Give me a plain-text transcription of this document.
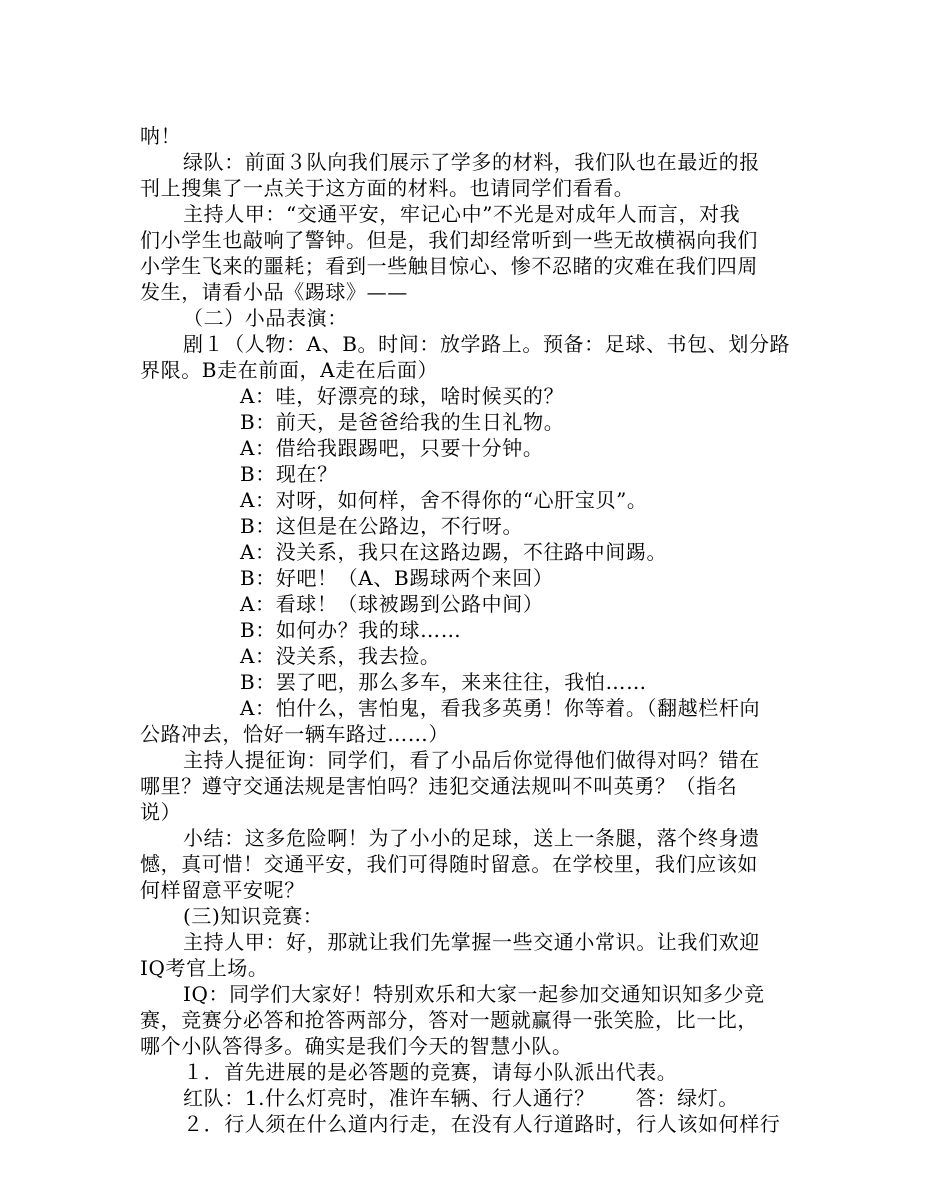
呐！
绿队：前面３队向我们展示了学多的材料，我们队也在最近的报
刊上搜集了一点关于这方面的材料。也请同学们看看。
主持人甲：“交通平安，牢记心中”不光是对成年人而言，对我
们小学生也敲响了警钟。但是，我们却经常听到一些无故横祸向我们
小学生飞来的噩耗；看到一些触目惊心、惨不忍睹的灾难在我们四周
发生，请看小品《踢球》——
（二）小品表演：
剧１（人物：A、B。时间：放学路上。预备：足球、书包、划分路
界限。B走在前面，A走在后面）
A：哇，好漂亮的球，啥时候买的？
B：前天，是爸爸给我的生日礼物。
A：借给我跟踢吧，只要十分钟。
B：现在？
A：对呀，如何样，舍不得你的“心肝宝贝”。
B：这但是在公路边，不行呀。
A：没关系，我只在这路边踢，不往路中间踢。
B：好吧！（A、B踢球两个来回）
A：看球！（球被踢到公路中间）
B：如何办？我的球……
A：没关系，我去捡。
B：罢了吧，那么多车，来来往往，我怕……
A：怕什么，害怕鬼，看我多英勇！你等着。（翻越栏杆向
公路冲去，恰好一辆车路过……）
主持人提征询：同学们，看了小品后你觉得他们做得对吗？错在
哪里？遵守交通法规是害怕吗？违犯交通法规叫不叫英勇？（指名
说）
小结：这多危险啊！为了小小的足球，送上一条腿，落个终身遗
憾，真可惜！交通平安，我们可得随时留意。在学校里，我们应该如
何样留意平安呢？
(三)知识竞赛：
主持人甲：好，那就让我们先掌握一些交通小常识。让我们欢迎
IQ考官上场。
IQ：同学们大家好！特别欢乐和大家一起参加交通知识知多少竞
赛，竞赛分必答和抢答两部分，答对一题就赢得一张笑脸，比一比，
哪个小队答得多。确实是我们今天的智慧小队。
１．首先进展的是必答题的竞赛，请每小队派出代表。
红队：1.什么灯亮时，准许车辆、行人通行？　　答：绿灯。
２．行人须在什么道内行走，在没有人行道路时，行人该如何样行
